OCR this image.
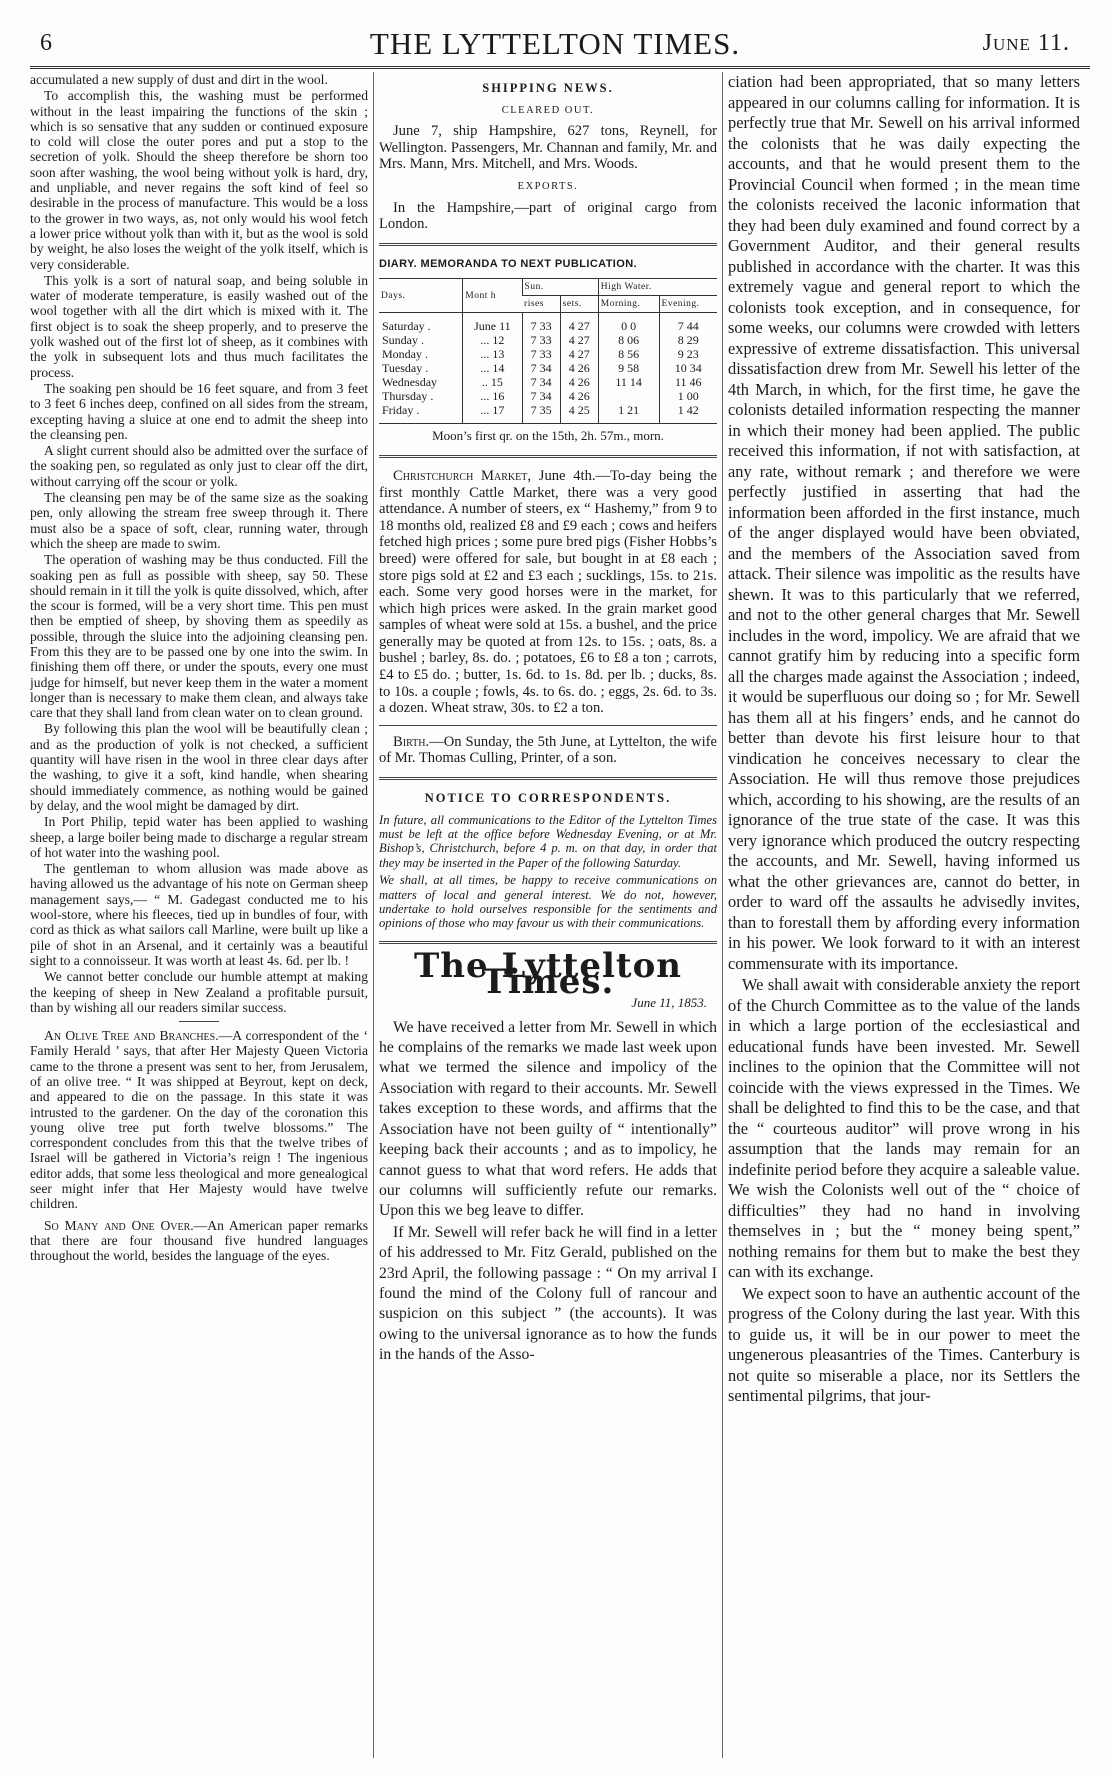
6	THE LYTTELTON TIMES.	June 11.

accumulated a new supply of dust and dirt in the wool.

To accomplish this, the washing must be performed without in the least impairing the functions of the skin ; which is so sensative that any sudden or continued exposure to cold will close the outer pores and put a stop to the secretion of yolk. Should the sheep therefore be shorn too soon after washing, the wool being without yolk is hard, dry, and unpliable, and never regains the soft kind of feel so desirable in the process of manufacture. This would be a loss to the grower in two ways, as, not only would his wool fetch a lower price without yolk than with it, but as the wool is sold by weight, he also loses the weight of the yolk itself, which is very considerable.

This yolk is a sort of natural soap, and being soluble in water of moderate temperature, is easily washed out of the wool together with all the dirt which is mixed with it. The first object is to soak the sheep properly, and to preserve the yolk washed out of the first lot of sheep, as it combines with the yolk in subsequent lots and thus much facilitates the process.

The soaking pen should be 16 feet square, and from 3 feet to 3 feet 6 inches deep, confined on all sides from the stream, excepting having a sluice at one end to admit the sheep into the cleansing pen.

A slight current should also be admitted over the surface of the soaking pen, so regulated as only just to clear off the dirt, without carrying off the scour or yolk.

The cleansing pen may be of the same size as the soaking pen, only allowing the stream free sweep through it. There must also be a space of soft, clear, running water, through which the sheep are made to swim.

The operation of washing may be thus conducted. Fill the soaking pen as full as possible with sheep, say 50. These should remain in it till the yolk is quite dissolved, which, after the scour is formed, will be a very short time. This pen must then be emptied of sheep, by shoving them as speedily as possible, through the sluice into the adjoining cleansing pen. From this they are to be passed one by one into the swim. In finishing them off there, or under the spouts, every one must judge for himself, but never keep them in the water a moment longer than is necessary to make them clean, and always take care that they shall land from clean water on to clean ground.

By following this plan the wool will be beautifully clean ; and as the production of yolk is not checked, a sufficient quantity will have risen in the wool in three clear days after the washing, to give it a soft, kind handle, when shearing should immediately commence, as nothing would be gained by delay, and the wool might be damaged by dirt.

In Port Philip, tepid water has been applied to washing sheep, a large boiler being made to discharge a regular stream of hot water into the washing pool.

The gentleman to whom allusion was made above as having allowed us the advantage of his note on German sheep management says,— “ M. Gadegast conducted me to his wool-store, where his fleeces, tied up in bundles of four, with cord as thick as what sailors call Marline, were built up like a pile of shot in an Arsenal, and it certainly was a beautiful sight to a connoisseur. It was worth at least 4s. 6d. per lb. !

We cannot better conclude our humble attempt at making the keeping of sheep in New Zealand a profitable pursuit, than by wishing all our readers similar success.

An Olive Tree and Branches.—A correspondent of the ‘ Family Herald ’ says, that after Her Majesty Queen Victoria came to the throne a present was sent to her, from Jerusalem, of an olive tree. “ It was shipped at Beyrout, kept on deck, and appeared to die on the passage. In this state it was intrusted to the gardener. On the day of the coronation this young olive tree put forth twelve blossoms.” The correspondent concludes from this that the twelve tribes of Israel will be gathered in Victoria’s reign ! The ingenious editor adds, that some less theological and more genealogical seer might infer that Her Majesty would have twelve children.

So Many and One Over.—An American paper remarks that there are four thousand five hundred languages throughout the world, besides the language of the eyes.

SHIPPING NEWS.
CLEARED OUT.

June 7, ship Hampshire, 627 tons, Reynell, for Wellington. Passengers, Mr. Channan and family, Mr. and Mrs. Mann, Mrs. Mitchell, and Mrs. Woods.

EXPORTS.

In the Hampshire,—part of original cargo from London.

DIARY. MEMORANDA TO NEXT PUBLICATION.
Days.	Mont h	Sun.		High Water.	
		rises	sets.	Morning.	Evening.
Saturday .	June 11	7 33	4 27	0 0	7 44
Sunday .	... 12	7 33	4 27	8 06	8 29
Monday .	... 13	7 33	4 27	8 56	9 23
Tuesday .	... 14	7 34	4 26	9 58	10 34
Wednesday	.. 15	7 34	4 26	11 14	11 46
Thursday .	... 16	7 34	4 26		1 00
Friday .	... 17	7 35	4 25	1 21	1 42
Moon’s first qr. on the 15th, 2h. 57m., morn.

Christchurch Market, June 4th.—To-day being the first monthly Cattle Market, there was a very good attendance. A number of steers, ex “ Hashemy,” from 9 to 18 months old, realized £8 and £9 each ; cows and heifers fetched high prices ; some pure bred pigs (Fisher Hobbs’s breed) were offered for sale, but bought in at £8 each ; store pigs sold at £2 and £3 each ; sucklings, 15s. to 21s. each. Some very good horses were in the market, for which high prices were asked. In the grain market good samples of wheat were sold at 15s. a bushel, and the price generally may be quoted at from 12s. to 15s. ; oats, 8s. a bushel ; barley, 8s. do. ; potatoes, £6 to £8 a ton ; carrots, £4 to £5 do. ; butter, 1s. 6d. to 1s. 8d. per lb. ; ducks, 8s. to 10s. a couple ; fowls, 4s. to 6s. do. ; eggs, 2s. 6d. to 3s. a dozen. Wheat straw, 30s. to £2 a ton.

Birth.—On Sunday, the 5th June, at Lyttelton, the wife of Mr. Thomas Culling, Printer, of a son.

NOTICE TO CORRESPONDENTS.

In future, all communications to the Editor of the Lyttelton Times must be left at the office before Wednesday Evening, or at Mr. Bishop’s, Christchurch, before 4 p. m. on that day, in order that they may be inserted in the Paper of the following Saturday.

We shall, at all times, be happy to receive communications on matters of local and general interest. We do not, however, undertake to hold ourselves responsible for the sentiments and opinions of those who may favour us with their communications.

The Lyttelton Times.
June 11, 1853.

We have received a letter from Mr. Sewell in which he complains of the remarks we made last week upon what we termed the silence and impolicy of the Association with regard to their accounts. Mr. Sewell takes exception to these words, and affirms that the Association have not been guilty of “ intentionally” keeping back their accounts ; and as to impolicy, he cannot guess to what that word refers. He adds that our columns will sufficiently refute our remarks. Upon this we beg leave to differ.

If Mr. Sewell will refer back he will find in a letter of his addressed to Mr. Fitz Gerald, published on the 23rd April, the following passage : “ On my arrival I found the mind of the Colony full of rancour and suspicion on this subject ” (the accounts). It was owing to the universal ignorance as to how the funds in the hands of the Asso-

ciation had been appropriated, that so many letters appeared in our columns calling for information. It is perfectly true that Mr. Sewell on his arrival informed the colonists that he was daily expecting the accounts, and that he would present them to the Provincial Council when formed ; in the mean time the colonists received the laconic information that they had been duly examined and found correct by a Government Auditor, and their general results published in accordance with the charter. It was this extremely vague and general report to which the colonists took exception, and in consequence, for some weeks, our columns were crowded with letters expressive of extreme dissatisfaction. This universal dissatisfaction drew from Mr. Sewell his letter of the 4th March, in which, for the first time, he gave the colonists detailed information respecting the manner in which their money had been applied. The public received this information, if not with satisfaction, at any rate, without remark ; and therefore we were perfectly justified in asserting that had the information been afforded in the first instance, much of the anger displayed would have been obviated, and the members of the Association saved from attack. Their silence was impolitic as the results have shewn. It was to this particularly that we referred, and not to the other general charges that Mr. Sewell includes in the word, impolicy. We are afraid that we cannot gratify him by reducing into a specific form all the charges made against the Association ; indeed, it would be superfluous our doing so ; for Mr. Sewell has them all at his fingers’ ends, and he cannot do better than devote his first leisure hour to that vindication he conceives necessary to clear the Association. He will thus remove those prejudices which, according to his showing, are the results of an ignorance of the true state of the case. It was this very ignorance which produced the outcry respecting the accounts, and Mr. Sewell, having informed us what the other grievances are, cannot do better, in order to ward off the assaults he advisedly invites, than to forestall them by affording every information in his power. We look forward to it with an interest commensurate with its importance.

We shall await with considerable anxiety the report of the Church Committee as to the value of the lands in which a large portion of the ecclesiastical and educational funds have been invested. Mr. Sewell inclines to the opinion that the Committee will not coincide with the views expressed in the Times. We shall be delighted to find this to be the case, and that the “ courteous auditor” will prove wrong in his assumption that the lands may remain for an indefinite period before they acquire a saleable value. We wish the Colonists well out of the “ choice of difficulties” they had no hand in involving themselves in ; but the “ money being spent,” nothing remains for them but to make the best they can with its exchange.

We expect soon to have an authentic account of the progress of the Colony during the last year. With this to guide us, it will be in our power to meet the ungenerous pleasantries of the Times. Canterbury is not quite so miserable a place, nor its Settlers the sentimental pilgrims, that jour-
